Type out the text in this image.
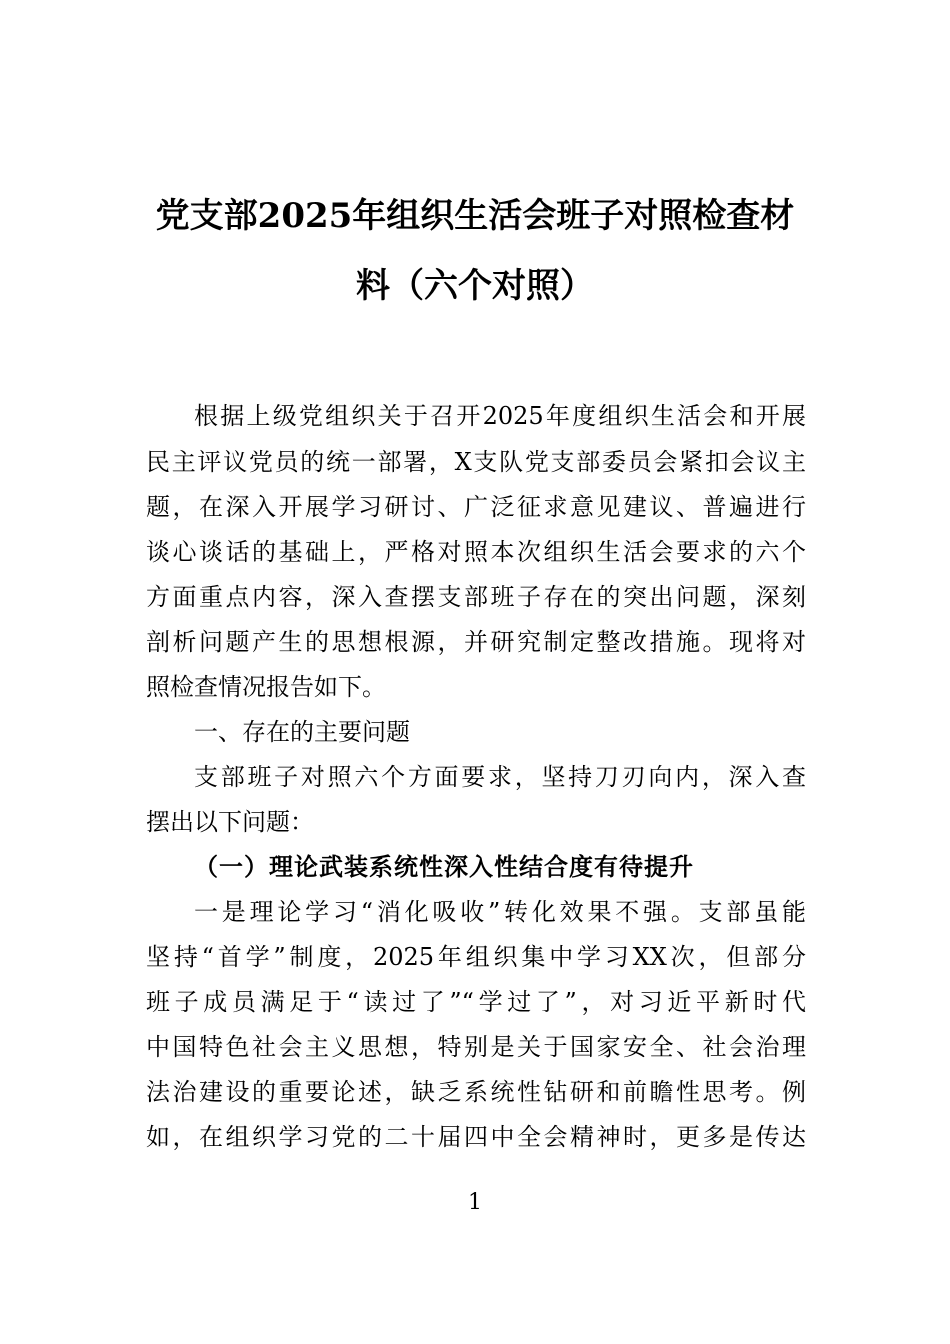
党支部2025年组织生活会班子对照检查材
料（六个对照）
根据上级党组织关于召开2025年度组织生活会和开展
民主评议党员的统一部署，X支队党支部委员会紧扣会议主
题，在深入开展学习研讨、广泛征求意见建议、普遍进行
谈心谈话的基础上，严格对照本次组织生活会要求的六个
方面重点内容，深入查摆支部班子存在的突出问题，深刻
剖析问题产生的思想根源，并研究制定整改措施。现将对
照检查情况报告如下。
一、存在的主要问题
支部班子对照六个方面要求，坚持刀刃向内，深入查
摆出以下问题：
（一）理论武装系统性深入性结合度有待提升
一是理论学习“消化吸收”转化效果不强。支部虽能
坚持“首学”制度，2025年组织集中学习XX次，但部分
班子成员满足于“读过了”“学过了”，对习近平新时代
中国特色社会主义思想，特别是关于国家安全、社会治理
法治建设的重要论述，缺乏系统性钻研和前瞻性思考。例
如，在组织学习党的二十届四中全会精神时，更多是传达
1
